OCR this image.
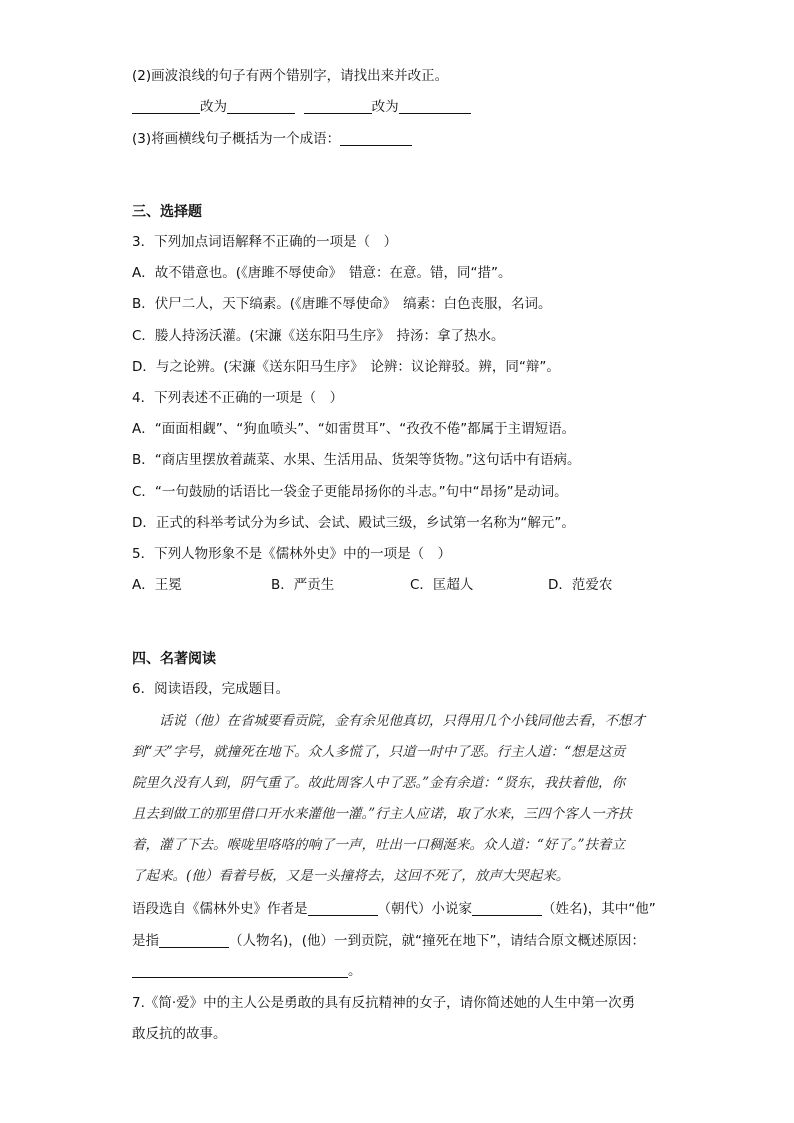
(2)画波浪线的句子有两个错别字，请找出来并改正。
改为	改为
(3)将画横线句子概括为一个成语：
三、选择题
3．下列加点词语解释不正确的一项是（　）
A．故不错意也。(《唐雎不辱使命》　错意：在意。错，同“措”。
B．伏尸二人，天下缟素。(《唐雎不辱使命》　缟素：白色丧服，名词。
C．媵人持汤沃灌。(宋濂《送东阳马生序》　持汤：拿了热水。
D．与之论辨。(宋濂《送东阳马生序》　论辨：议论辩驳。辨，同“辩”。
4．下列表述不正确的一项是（　）
A．“面面相觑”、“狗血喷头”、“如雷贯耳”、“孜孜不倦”都属于主谓短语。
B．“商店里摆放着蔬菜、水果、生活用品、货架等货物。”这句话中有语病。
C．“一句鼓励的话语比一袋金子更能昂扬你的斗志。”句中“昂扬”是动词。
D．正式的科举考试分为乡试、会试、殿试三级，乡试第一名称为“解元”。
5．下列人物形象不是《儒林外史》中的一项是（　）
A．王冕	B．严贡生	C．匡超人	D．范爱农
四、名著阅读
6．阅读语段，完成题目。
话说（他）在省城要看贡院，金有余见他真切，只得用几个小钱同他去看，不想才
到“天”字号，就撞死在地下。众人多慌了，只道一时中了恶。行主人道：“想是这贡
院里久没有人到，阴气重了。故此周客人中了恶。”金有余道：“贤东，我扶着他，你
且去到做工的那里借口开水来灌他一灌。”行主人应诺，取了水来，三四个客人一齐扶
着，灌了下去。喉咙里咯咯的响了一声，吐出一口稠涎来。众人道：“好了。”扶着立
了起来。(他）看着号板，又是一头撞将去，这回不死了，放声大哭起来。
语段选自《儒林外史》作者是	（朝代）小说家	（姓名)，其中“他”
是指	（人物名)，(他）一到贡院，就“撞死在地下”，请结合原文概述原因：
。
7.《简·爱》中的主人公是勇敢的具有反抗精神的女子，请你简述她的人生中第一次勇
敢反抗的故事。
